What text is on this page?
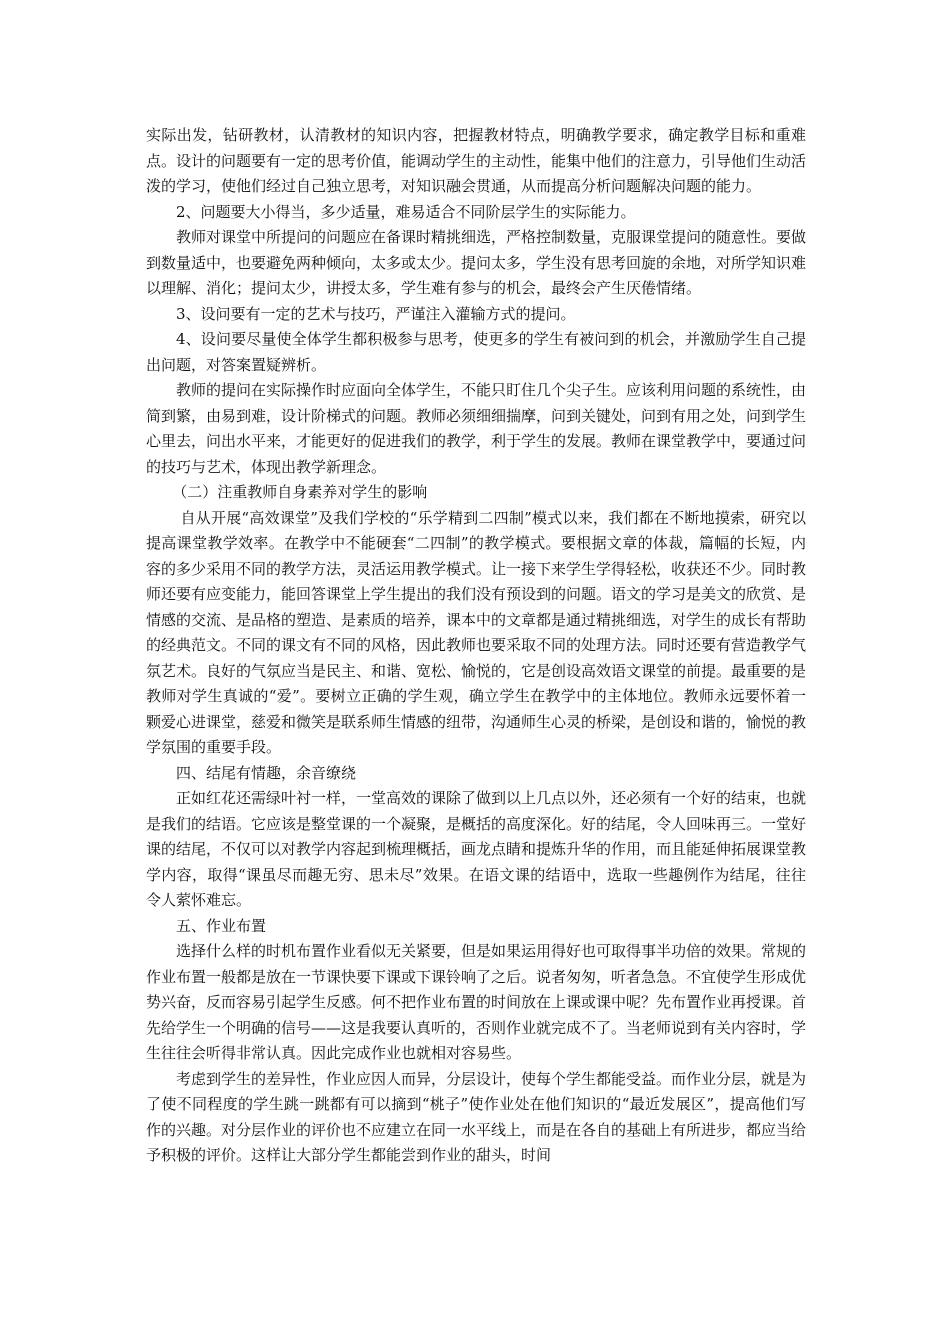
实际出发，钻研教材，认清教材的知识内容，把握教材特点，明确教学要求，确定教学目标和重难点。设计的问题要有一定的思考价值，能调动学生的主动性，能集中他们的注意力，引导他们生动活泼的学习，使他们经过自己独立思考，对知识融会贯通，从而提高分析问题解决问题的能力。

2、问题要大小得当，多少适量，难易适合不同阶层学生的实际能力。

教师对课堂中所提问的问题应在备课时精挑细选，严格控制数量，克服课堂提问的随意性。要做到数量适中，也要避免两种倾向，太多或太少。提问太多，学生没有思考回旋的余地，对所学知识难以理解、消化；提问太少，讲授太多，学生难有参与的机会，最终会产生厌倦情绪。

3、设问要有一定的艺术与技巧，严谨注入灌输方式的提问。

4、设问要尽量使全体学生都积极参与思考，使更多的学生有被问到的机会，并激励学生自己提出问题，对答案置疑辨析。

教师的提问在实际操作时应面向全体学生，不能只盯住几个尖子生。应该利用问题的系统性，由简到繁，由易到难，设计阶梯式的问题。教师必须细细揣摩，问到关键处，问到有用之处，问到学生心里去，问出水平来，才能更好的促进我们的教学，利于学生的发展。教师在课堂教学中，要通过问的技巧与艺术，体现出教学新理念。

（二）注重教师自身素养对学生的影响

自从开展“高效课堂”及我们学校的“乐学精到二四制”模式以来，我们都在不断地摸索，研究以提高课堂教学效率。在教学中不能硬套“二四制”的教学模式。要根据文章的体裁，篇幅的长短，内容的多少采用不同的教学方法，灵活运用教学模式。让一接下来学生学得轻松，收获还不少。同时教师还要有应变能力，能回答课堂上学生提出的我们没有预设到的问题。语文的学习是美文的欣赏、是情感的交流、是品格的塑造、是素质的培养，课本中的文章都是通过精挑细选，对学生的成长有帮助的经典范文。不同的课文有不同的风格，因此教师也要采取不同的处理方法。同时还要有营造教学气氛艺术。良好的气氛应当是民主、和谐、宽松、愉悦的，它是创设高效语文课堂的前提。最重要的是教师对学生真诚的“爱”。要树立正确的学生观，确立学生在教学中的主体地位。教师永远要怀着一颗爱心进课堂，慈爱和微笑是联系师生情感的纽带，沟通师生心灵的桥梁，是创设和谐的，愉悦的教学氛围的重要手段。

四、结尾有情趣，余音缭绕

正如红花还需绿叶衬一样，一堂高效的课除了做到以上几点以外，还必须有一个好的结束，也就是我们的结语。它应该是整堂课的一个凝聚，是概括的高度深化。好的结尾，令人回味再三。一堂好课的结尾，不仅可以对教学内容起到梳理概括，画龙点睛和提炼升华的作用，而且能延伸拓展课堂教学内容，取得“课虽尽而趣无穷、思未尽”效果。在语文课的结语中，选取一些趣例作为结尾，往往令人萦怀难忘。

五、作业布置

选择什么样的时机布置作业看似无关紧要，但是如果运用得好也可取得事半功倍的效果。常规的作业布置一般都是放在一节课快要下课或下课铃响了之后。说者匆匆，听者急急。不宜使学生形成优势兴奋，反而容易引起学生反感。何不把作业布置的时间放在上课或课中呢？先布置作业再授课。首先给学生一个明确的信号——这是我要认真听的，否则作业就完成不了。当老师说到有关内容时，学生往往会听得非常认真。因此完成作业也就相对容易些。

考虑到学生的差异性，作业应因人而异，分层设计，使每个学生都能受益。而作业分层，就是为了使不同程度的学生跳一跳都有可以摘到“桃子”使作业处在他们知识的“最近发展区”，提高他们写作的兴趣。对分层作业的评价也不应建立在同一水平线上，而是在各自的基础上有所进步，都应当给予积极的评价。这样让大部分学生都能尝到作业的甜头，时间
